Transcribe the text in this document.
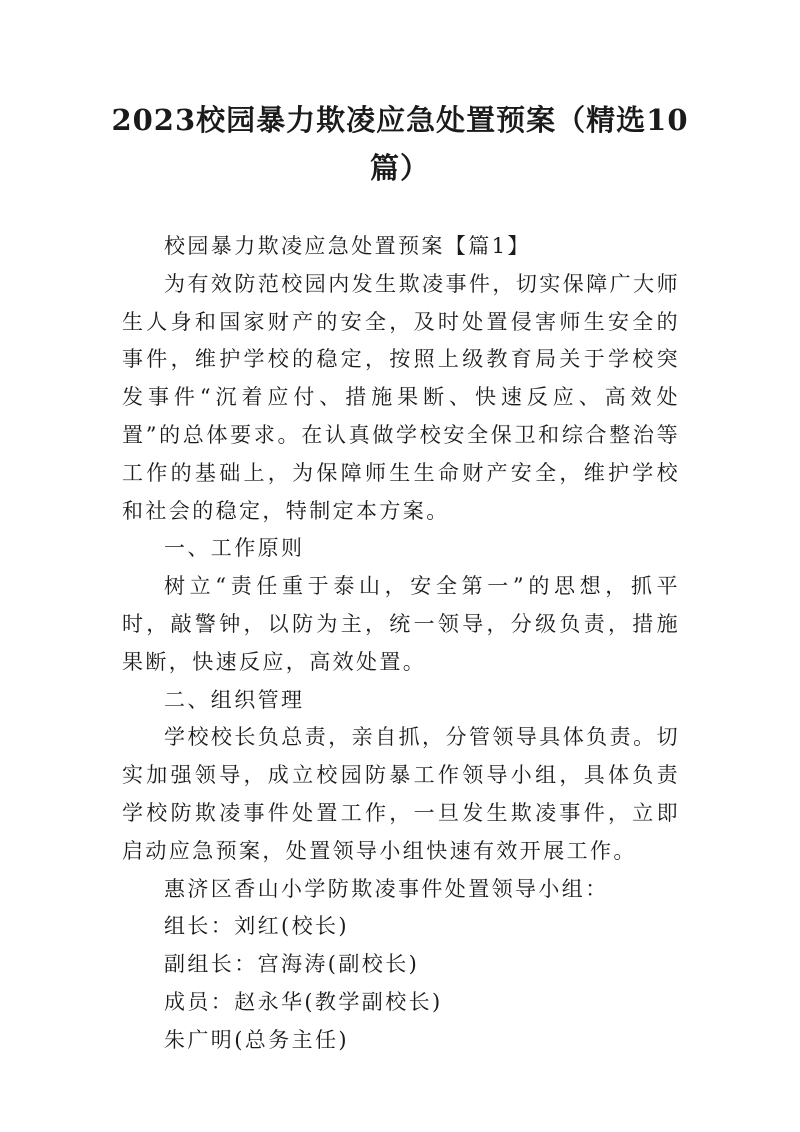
2023校园暴力欺凌应急处置预案（精选10篇）

校园暴力欺凌应急处置预案【篇1】

为有效防范校园内发生欺凌事件，切实保障广大师生人身和国家财产的安全，及时处置侵害师生安全的事件，维护学校的稳定，按照上级教育局关于学校突发事件“沉着应付、措施果断、快速反应、高效处置”的总体要求。在认真做学校安全保卫和综合整治等工作的基础上，为保障师生生命财产安全，维护学校和社会的稳定，特制定本方案。

一、工作原则

树立“责任重于泰山，安全第一”的思想，抓平时，敲警钟，以防为主，统一领导，分级负责，措施果断，快速反应，高效处置。

二、组织管理

学校校长负总责，亲自抓，分管领导具体负责。切实加强领导，成立校园防暴工作领导小组，具体负责学校防欺凌事件处置工作，一旦发生欺凌事件，立即启动应急预案，处置领导小组快速有效开展工作。

惠济区香山小学防欺凌事件处置领导小组：

组长：刘红(校长)

副组长：宫海涛(副校长)

成员：赵永华(教学副校长)

朱广明(总务主任)
